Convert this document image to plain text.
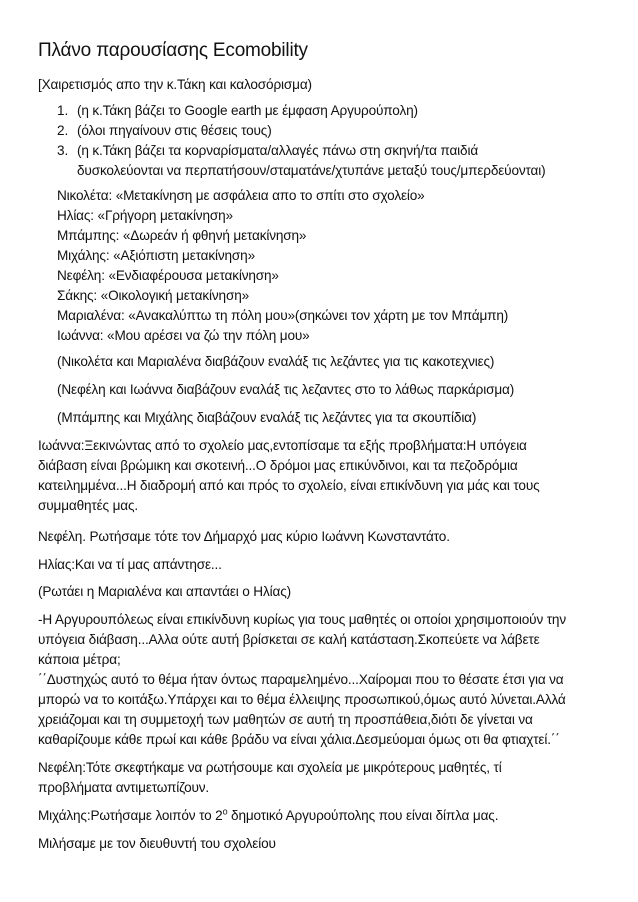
Πλάνο παρουσίασης Ecomobility
[Χαιρετισμός απο την κ.Τάκη και καλοσόρισμα)
1. (η κ.Τάκη βάζει το Google earth με έμφαση Αργυρούπολη)
2. (όλοι πηγαίνουν στις θέσεις τους)
3. (η κ.Τάκη βάζει τα κορναρίσματα/αλλαγές πάνω στη σκηνή/τα παιδιά
δυσκολεύονται να περπατήσουν/σταματάνε/χτυπάνε μεταξύ τους/μπερδεύονται)
Νικολέτα: «Μετακίνηση με ασφάλεια απο το σπίτι στο σχολείο»
Ηλίας: «Γρήγορη μετακίνηση»
Μπάμπης: «Δωρεάν ή φθηνή μετακίνηση»
Μιχάλης: «Αξιόπιστη μετακίνηση»
Νεφέλη: «Ενδιαφέρουσα μετακίνηση»
Σάκης: «Οικολογική μετακίνηση»
Μαριαλένα: «Ανακαλύπτω τη πόλη μου»(σηκώνει τον χάρτη με τον Μπάμπη)
Ιωάννα: «Μου αρέσει να ζώ την πόλη μου»
(Νικολέτα και Μαριαλένα διαβάζουν εναλάξ τις λεζάντες για τις κακοτεχνιες)
(Νεφέλη και Ιωάννα διαβάζουν εναλάξ τις λεζαντες στο το λάθως παρκάρισμα)
(Μπάμπης και Μιχάλης διαβάζουν εναλάξ τις λεζάντες για τα σκουπίδια)
Ιωάννα:Ξεκινώντας από το σχολείο μας,εντοπίσαμε τα εξής προβλήματα:Η υπόγεια
διάβαση είναι βρώμικη και σκοτεινή...Ο δρόμοι μας επικύνδινοι, και τα πεζοδρόμια
κατειλημμένα...Η διαδρομή από και πρός το σχολείο, είναι επικίνδυνη για μάς και τους
συμμαθητές μας.
Νεφέλη. Ρωτήσαμε τότε τον Δήμαρχό μας κύριο Ιωάννη Κωνσταντάτο.
Ηλίας:Και να τί μας απάντησε...
(Ρωτάει η Μαριαλένα και απαντάει ο Ηλίας)
-Η Αργυρουπόλεως είναι επικίνδυνη κυρίως για τους μαθητές οι οποίοι χρησιμοποιούν την
υπόγεια διάβαση...Αλλα ούτε αυτή βρίσκεται σε καλή κατάσταση.Σκοπεύετε να λάβετε
κάποια μέτρα;
΄΄Δυστηχώς αυτό το θέμα ήταν όντως παραμελημένο...Χαίρομαι που το θέσατε έτσι για να
μπορώ να το κοιτάξω.Υπάρχει και το θέμα έλλειψης προσωπικού,όμως αυτό λύνεται.Αλλά
χρειάζομαι και τη συμμετοχή των μαθητών σε αυτή τη προσπάθεια,διότι δε γίνεται να
καθαρίζουμε κάθε πρωί και κάθε βράδυ να είναι χάλια.Δεσμεύομαι όμως οτι θα φτιαχτεί.΄΄
Νεφέλη:Τότε σκεφτήκαμε να ρωτήσουμε και σχολεία με μικρότερους μαθητές, τί
προβλήματα αντιμετωπίζουν.
Μιχάλης:Ρωτήσαμε λοιπόν το $2^o$ δημοτικό Αργυρούπολης που είναι δίπλα μας.
Μιλήσαμε με τον διευθυντή του σχολείου
